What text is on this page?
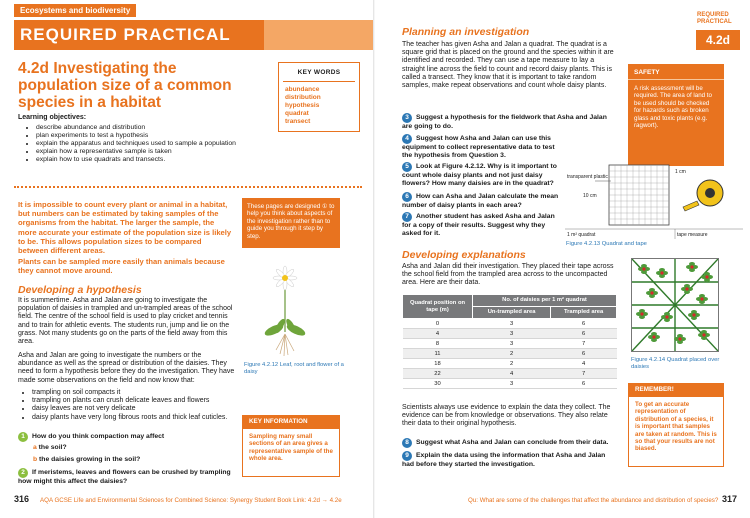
Ecosystems and biodiversity
REQUIRED PRACTICAL
4.2d Investigating the population size of a common species in a habitat
KEY WORDS
abundance
distribution
hypothesis
quadrat
transect
Learning objectives:
• describe abundance and distribution
• plan experiments to test a hypothesis
• explain the apparatus and techniques used to sample a population
• explain how a representative sample is taken
• explain how to use quadrats and transects.

It is impossible to count every plant or animal in a habitat, but numbers can be estimated by taking samples of the organisms from the habitat. The larger the sample, the more accurate your estimate of the population size is likely to be. This allows population sizes to be compared between different areas.

Plants can be sampled more easily than animals because they cannot move around.

These pages are designed ① to help you think about aspects of the investigation rather than to guide you through it step by step.
Developing a hypothesis

It is summertime. Asha and Jalan are going to investigate the population of daisies in trampled and un-trampled areas of the school field. The centre of the school field is used to play cricket and tennis and to train for athletic events. The students run, jump and lie on the grass. Not many students go on the parts of the field away from this area.

Asha and Jalan are going to investigate the numbers or the abundance as well as the spread or distribution of the daisies. They need to form a hypothesis before they do the investigation. They have made some observations on the field and now know that:

• trampling on soil compacts it
• trampling on plants can crush delicate leaves and flowers
• daisy leaves are not very delicate
• daisy plants have very long fibrous roots and thick leaf cuticles.
1 How do you think compaction may affect
a the soil?
b the daisies growing in the soil?
2 If meristems, leaves and flowers can be crushed by trampling how might this affect the daisies?
Figure 4.2.12 Leaf, root and flower of a daisy
KEY INFORMATION
Sampling many small sections of an area gives a representative sample of the whole area.
316 AQA GCSE Life and Environmental Sciences for Combined Science: Synergy Student Book Link: 4.2d → 4.2e
REQUIRED
PRACTICAL
4.2d
Planning an investigation

The teacher has given Asha and Jalan a quadrat. The quadrat is a square grid that is placed on the ground and the species within it are identified and recorded. They can use a tape measure to lay a straight line across the field to count and record daisy plants. This is called a transect. They know that it is important to take random samples, make repeat observations and count whole daisy plants.

3 Suggest a hypothesis for the fieldwork that Asha and Jalan are going to do.
4 Suggest how Asha and Jalan can use this equipment to collect representative data to test the hypothesis from Question 3.
5 Look at Figure 4.2.12. Why is it important to count whole daisy plants and not just daisy flowers? How many daisies are in the quadrat?
6 How can Asha and Jalan calculate the mean number of daisy plants in each area?
7 Another student has asked Asha and Jalan for a copy of their results. Suggest why they asked for it.
SAFETY
A risk assessment will be required. The area of land to be used should be checked for hazards such as broken glass and toxic plants (e.g. ragwort).
transparent plastic
10 cm
1 cm
1 m² quadrat	tape measure
Figure 4.2.13 Quadrat and tape
Developing explanations

Asha and Jalan did their investigation. They placed their tape across the school field from the trampled area across to the uncompacted area. Here are their data.

Quadrat position on tape (m)	No. of daisies per 1 m² quadrat	
	Un-trampled area	Trampled area
0	3	6
4	3	6
8	3	7
11	2	6
18	2	4
22	4	7
30	3	6
Figure 4.2.14 Quadrat placed over daisies

Scientists always use evidence to explain the data they collect. The evidence can be from knowledge or observations. They also relate their data to their original hypothesis.

8 Suggest what Asha and Jalan can conclude from their data.
9 Explain the data using the information that Asha and Jalan had before they started the investigation.
REMEMBER!
To get an accurate representation of distribution of a species, it is important that samples are taken at random. This is so that your results are not biased.
Qu: What are some of the challenges that affect the abundance and distribution of species? 317
